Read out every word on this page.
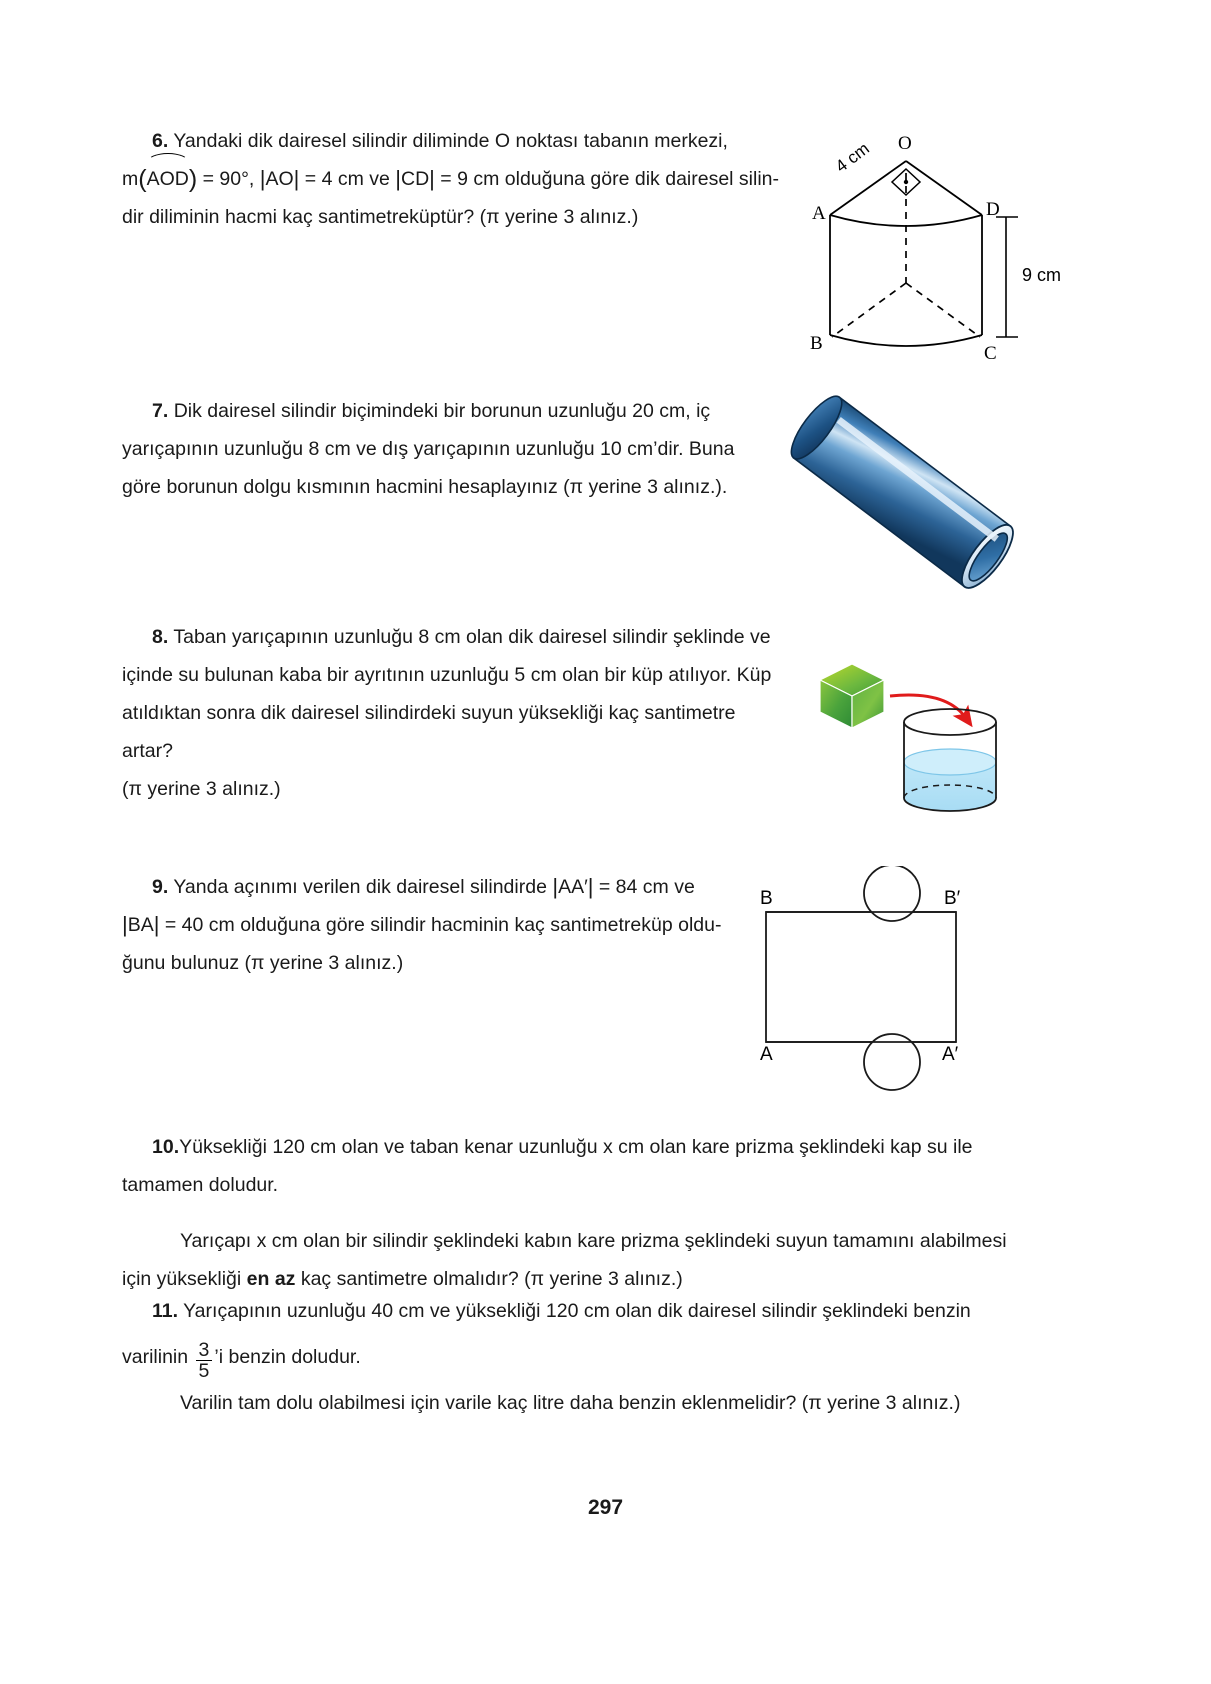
6. Yandaki dik dairesel silindir diliminde O noktası tabanın merkezi,

m(
AOD) = 90°, |AO| = 4 cm ve |CD| = 9 cm olduğuna göre dik dairesel silin-

dir diliminin hacmi kaç santimetreküptür? (π yerine 3 alınız.)

O
A	D
B	C
4 cm
9 cm

7. Dik dairesel silindir biçimindeki bir borunun uzunluğu 20 cm, iç

yarıçapının uzunluğu 8 cm ve dış yarıçapının uzunluğu 10 cm’dir. Buna

göre borunun dolgu kısmının hacmini hesaplayınız (π yerine 3 alınız.).

8. Taban yarıçapının uzunluğu 8 cm olan dik dairesel silindir şeklinde ve

içinde su bulunan kaba bir ayrıtının uzunluğu 5 cm olan bir küp atılıyor. Küp

atıldıktan sonra dik dairesel silindirdeki suyun yüksekliği kaç santimetre artar?

(π yerine 3 alınız.)

9. Yanda açınımı verilen dik dairesel silindirde |AA′| = 84 cm ve

|BA| = 40 cm olduğuna göre silindir hacminin kaç santimetreküp oldu-

ğunu bulunuz (π yerine 3 alınız.)

B	B′
A	A′

10.Yüksekliği 120 cm olan ve taban kenar uzunluğu x cm olan kare prizma şeklindeki kap su ile

tamamen doludur.

Yarıçapı x cm olan bir silindir şeklindeki kabın kare prizma şeklindeki suyun tamamını alabilmesi

için yüksekliği en az kaç santimetre olmalıdır? (π yerine 3 alınız.)

11. Yarıçapının uzunluğu 40 cm ve yüksekliği 120 cm olan dik dairesel silindir şeklindeki benzin

varilinin $\frac{3}{5}$ ’i benzin doludur.

Varilin tam dolu olabilmesi için varile kaç litre daha benzin eklenmelidir? (π yerine 3 alınız.)

297
